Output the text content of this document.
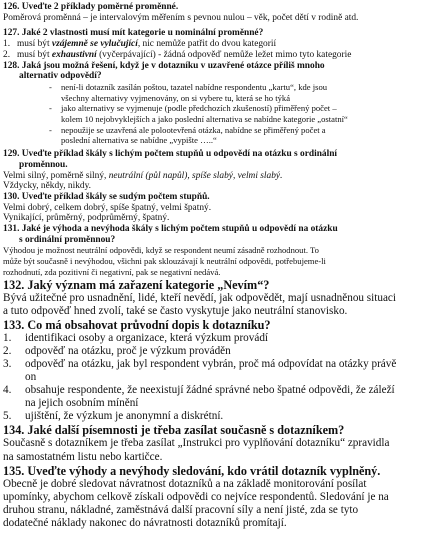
126. Uveďte 2 příklady poměrné proměnné.
Poměrová proměnná – je intervalovým měřením s pevnou nulou – věk, počet dětí v rodině atd.
127. Jaké 2 vlastnosti musí mít kategorie u nominální proměnné?
1. musí být vzájemně se vylučující, nic nemůže patřit do dvou kategorií
2. musí být exhaustivní (vyčerpávající) - žádná odpověď nemůže ležet mimo tyto kategorie
128. Jaká jsou možná řešení, když je v dotazníku v uzavřené otázce příliš mnoho
alternativ odpovědí?
- není-li dotazník zasílán poštou, tazatel nabídne respondentu „kartu“, kde jsou
všechny alternativy vyjmenovány, on si vybere tu, která se ho týká
- jako alternativy se vyjmenuje (podle předchozích zkušeností) přiměřený počet –
kolem 10 nejobvyklejších a jako poslední alternativa se nabídne kategorie „ostatní“
- nepoužije se uzavřená ale polootevřená otázka, nabídne se přiměřený počet a
poslední alternativa se nabídne „vypište …..“
129. Uveďte příklad škály s lichým počtem stupňů u odpovědí na otázku s ordinální
proměnnou.
Velmi silný, poměrně silný, neutrální (půl napůl), spíše slabý, velmi slabý.
Vždycky, někdy, nikdy.
130. Uveďte příklad škály se sudým počtem stupňů.
Velmi dobrý, celkem dobrý, spíše špatný, velmi špatný.
Vynikající, průměrný, podprůměrný, špatný.
131. Jaké je výhoda a nevýhoda škály s lichým počtem stupňů u odpovědí na otázku
s ordinální proměnnou?
Výhodou je možnost neutrální odpovědi, když se respondent neumí zásadně rozhodnout. To
může být současně i nevýhodou, všichni pak sklouzávají k neutrální odpovědi, potřebujeme-li
rozhodnutí, zda pozitivní či negativní, pak se negativní nedává.
132. Jaký význam má zařazení kategorie „Nevím“?
Bývá užitečné pro usnadnění, lidé, kteří nevědí, jak odpovědět, mají usnadněnou situaci
a tuto odpověď hned zvolí, také se často vyskytuje jako neutrální stanovisko.
133. Co má obsahovat průvodní dopis k dotazníku?
1. identifikaci osoby a organizace, která výzkum provádí
2. odpověď na otázku, proč je výzkum prováděn
3. odpověď na otázku, jak byl respondent vybrán, proč má odpovídat na otázky právě
on
4. obsahuje respondente, že neexistují žádné správné nebo špatné odpovědi, že záleží
na jejich osobním mínění
5. ujištění, že výzkum je anonymní a diskrétní.
134. Jaké další písemnosti je třeba zasílat současně s dotazníkem?
Současně s dotazníkem je třeba zasílat „Instrukci pro vyplňování dotazníku“ zpravidla
na samostatném listu nebo kartičce.
135. Uveďte výhody a nevýhody sledování, kdo vrátil dotazník vyplněný.
Obecně je dobré sledovat návratnost dotazníků a na základě monitorování posílat
upomínky, abychom celkově získali odpovědi co nejvíce respondentů. Sledování je na
druhou stranu, nákladné, zaměstnává další pracovní síly a není jisté, zda se tyto
dodatečné náklady nakonec do návratnosti dotazníků promítají.
